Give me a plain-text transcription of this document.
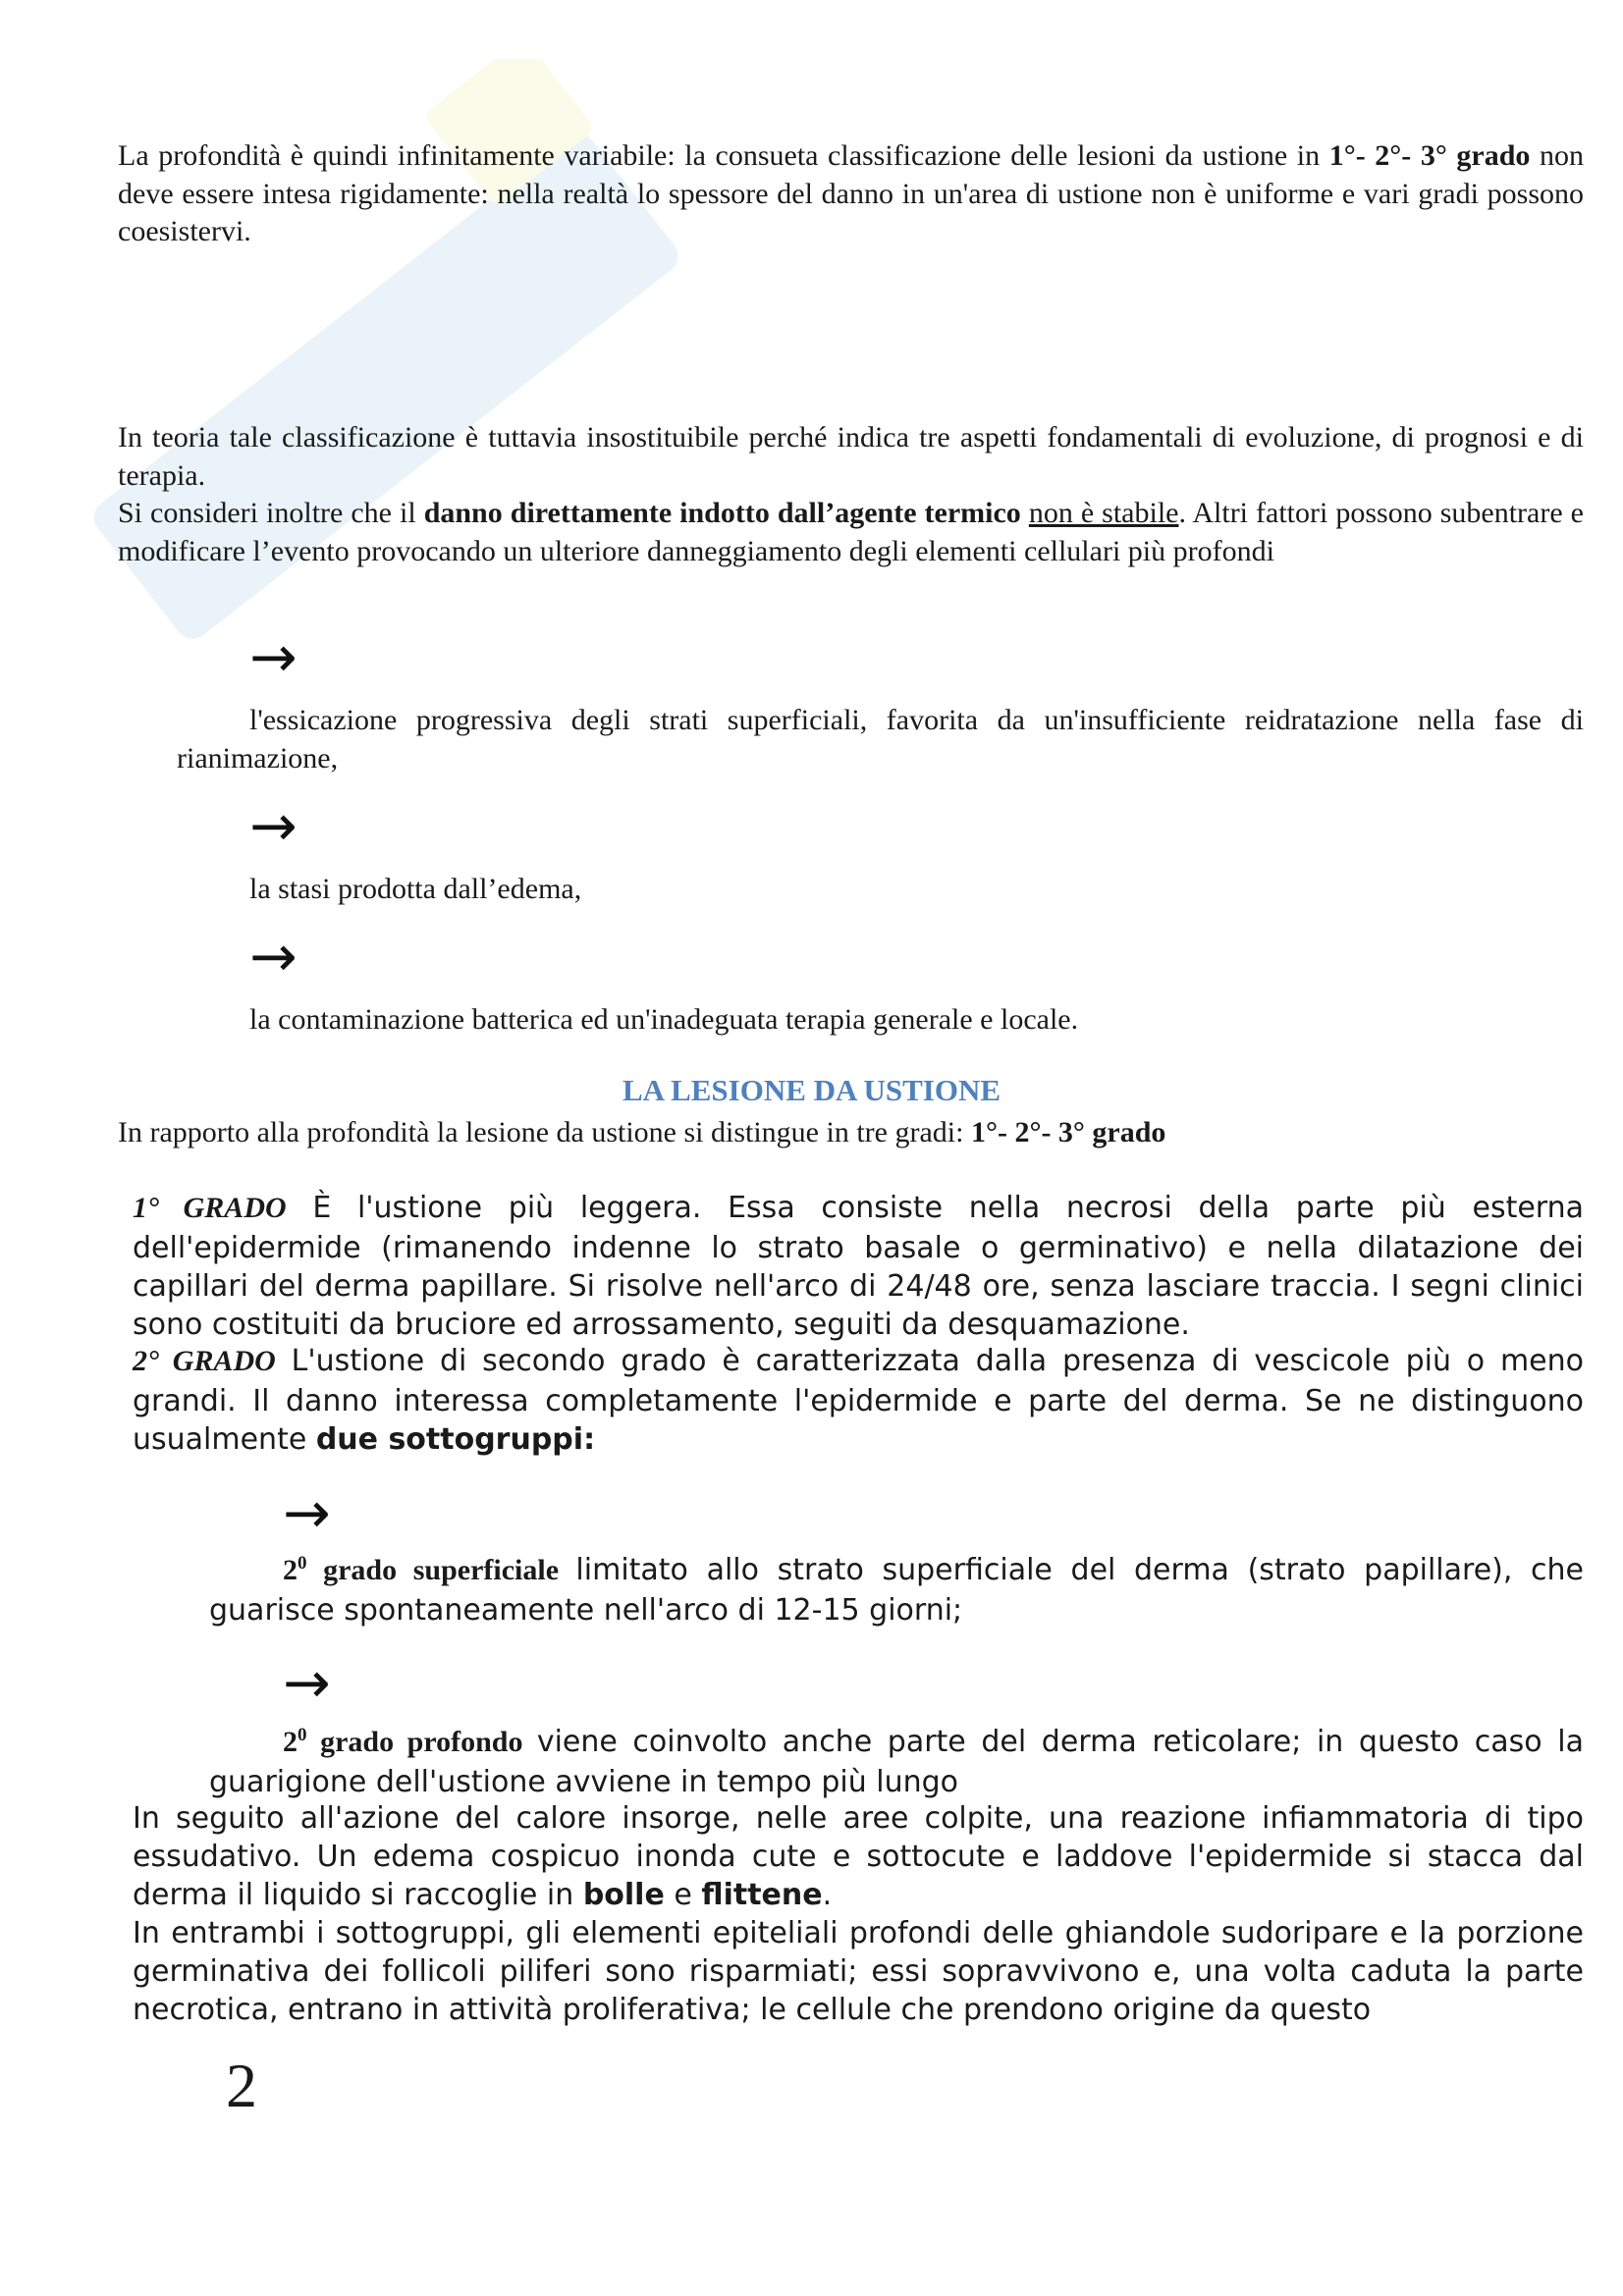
La profondità è quindi infinitamente variabile: la consueta classificazione delle lesioni da ustione in 1°- 2°- 3° grado non deve essere intesa rigidamente: nella realtà lo spessore del danno in un'area di ustione non è uniforme e vari gradi possono coesistervi.

In teoria tale classificazione è tuttavia insostituibile perché indica tre aspetti fondamentali di evoluzione, di prognosi e di terapia.

Si consideri inoltre che il danno direttamente indotto dall’agente termico non è stabile. Altri fattori possono subentrare e modificare l’evento provocando un ulteriore danneggiamento degli elementi cellulari più profondi

→

l'essicazione progressiva degli strati superficiali, favorita da un'insufficiente reidratazione nella fase di rianimazione,

→

la stasi prodotta dall’edema,

→

la contaminazione batterica ed un'inadeguata terapia generale e locale.

LA LESIONE DA USTIONE

In rapporto alla profondità la lesione da ustione si distingue in tre gradi: 1°- 2°- 3° grado

1° GRADO È l'ustione più leggera. Essa consiste nella necrosi della parte più esterna dell'epidermide (rimanendo indenne lo strato basale o germinativo) e nella dilatazione dei capillari del derma papillare. Si risolve nell'arco di 24/48 ore, senza lasciare traccia. I segni clinici sono costituiti da bruciore ed arrossamento, seguiti da desquamazione.

2° GRADO L'ustione di secondo grado è caratterizzata dalla presenza di vescicole più o meno grandi. Il danno interessa completamente l'epidermide e parte del derma. Se ne distinguono usualmente due sottogruppi:

→

$2^0$ grado superficiale limitato allo strato superficiale del derma (strato papillare), che guarisce spontaneamente nell'arco di 12-15 giorni;

→

$2^0$ grado profondo viene coinvolto anche parte del derma reticolare; in questo caso la guarigione dell'ustione avviene in tempo più lungo

In seguito all'azione del calore insorge, nelle aree colpite, una reazione infiammatoria di tipo essudativo. Un edema cospicuo inonda cute e sottocute e laddove l'epidermide si stacca dal derma il liquido si raccoglie in bolle e flittene.

In entrambi i sottogruppi, gli elementi epiteliali profondi delle ghiandole sudoripare e la porzione germinativa dei follicoli piliferi sono risparmiati; essi sopravvivono e, una volta caduta la parte necrotica, entrano in attività proliferativa; le cellule che prendono origine da questo

2
